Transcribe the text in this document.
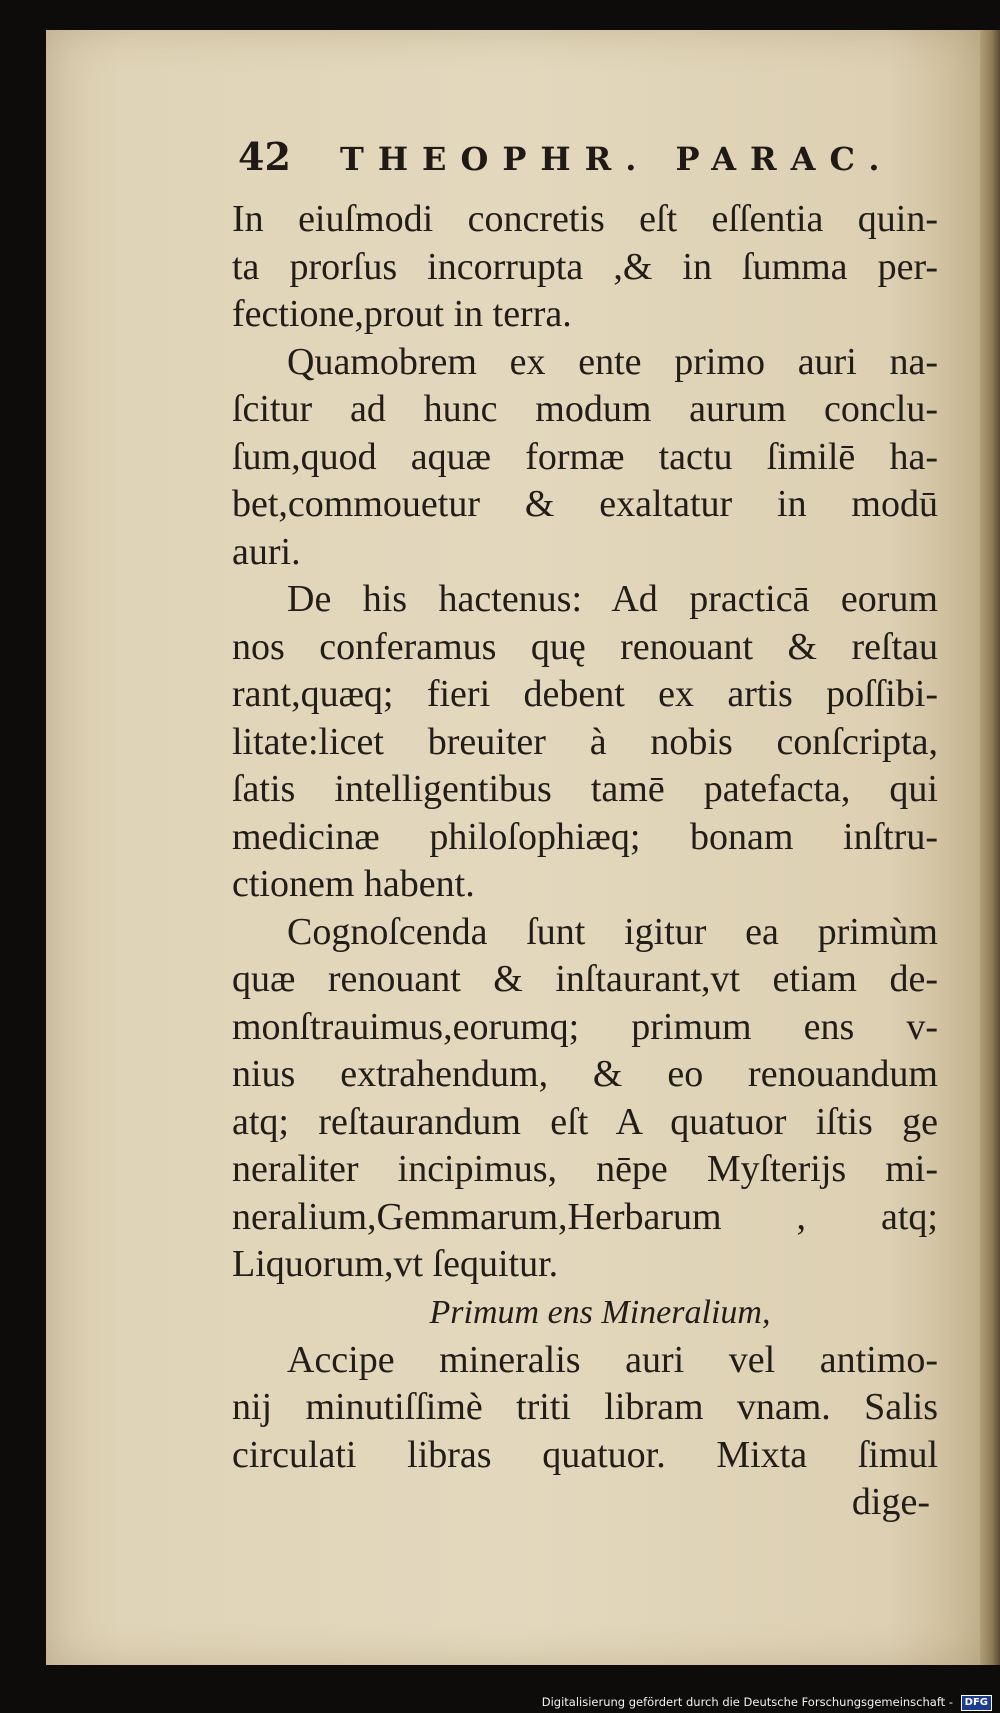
42 THEOPHR. PARAC.
In eiuſmodi concretis eſt eſſentia quin-
ta prorſus incorrupta ,& in ſumma per-
fectione,prout in terra.
Quamobrem ex ente primo auri na-
ſcitur ad hunc modum aurum conclu-
ſum,quod aquæ formæ tactu ſimilē ha-
bet,commouetur & exaltatur in modū
auri.
De his hactenus: Ad practicā eorum
nos conferamus quę renouant & reſtau
rant,quæq; fieri debent ex artis poſſibi-
litate:licet breuiter à nobis conſcripta,
ſatis intelligentibus tamē patefacta, qui
medicinæ philoſophiæq; bonam inſtru-
ctionem habent.
Cognoſcenda ſunt igitur ea primùm
quæ renouant & inſtaurant,vt etiam de-
monſtrauimus,eorumq; primum ens v-
nius extrahendum, & eo renouandum
atq; reſtaurandum eſt A quatuor iſtis ge
neraliter incipimus, nēpe Myſterijs mi-
neralium,Gemmarum,Herbarum , atq;
Liquorum,vt ſequitur.
Primum ens Mineralium,
Accipe mineralis auri vel antimo-
nij minutiſſimè triti libram vnam. Salis
circulati libras quatuor. Mixta ſimul
dige-
Digitalisierung gefördert durch die Deutsche Forschungsgemeinschaft - DFG
